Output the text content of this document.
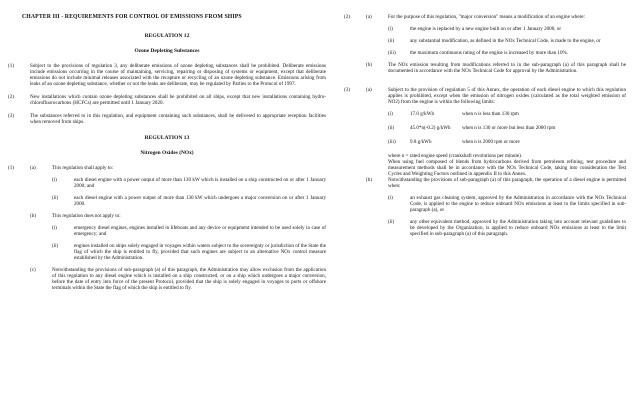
CHAPTER III - REQUIREMENTS FOR CONTROL OF EMISSIONS FROM SHIPS
REGULATION 12
Ozone Depleting Substances
(1)	Subject to the provisions of regulation 3, any deliberate emissions of ozone depleting substances shall be prohibited. Deliberate emissions include emissions occurring in the course of maintaining, servicing, repairing or disposing of systems or equipment, except that deliberate emissions do not include minimal releases associated with the recapture or recycling of an ozone depleting substance. Emissions arising from leaks of an ozone depleting substance, whether or not the leaks are deliberate, may be regulated by Parties to the Protocol of 1997.
(2)	New installations which contain ozone depleting substances shall be prohibited on all ships, except that new installations containing hydro-chlorofluorocarbons (HCFCs) are permitted until 1 January 2020.
(3)	The substances referred to in this regulation, and equipment containing such substances, shall be delivered to appropriate reception facilities when removed from ships.
REGULATION 13
Nitrogen Oxides (NOx)
(1)	(a)	This regulation shall apply to:

(i)	each diesel engine with a power output of more than 130 kW which is installed on a ship constructed on or after 1 January 2000; and
(ii)	each diesel engine with a power output of more than 130 kW which undergoes a major conversion on or after 1 January 2000.
(b)	This regulation does not apply to:
(i)	emergency diesel engines, engines installed in lifeboats and any device or equipment intended to be used solely in case of emergency; and
(ii)	engines installed on ships solely engaged in voyages within waters subject to the sovereignty or jurisdiction of the State the flag of which the ship is entitled to fly, provided that such engines are subject to an alternative NOx control measure established by the Administration.
(c)	Notwithstanding the provisions of sub-paragraph (a) of this paragraph, the Administration may allow exclusion from the application of this regulation to any diesel engine which is installed on a ship constructed, or on a ship which undergoes a major conversion, before the date of entry into force of the present Protocol, provided that the ship is solely engaged in voyages to ports or offshore terminals within the State the flag of which the ship is entitled to fly.
(2)	(a)	For the purpose of this regulation, "major conversion" means a modification of an engine where:
(i)	the engine is replaced by a new engine built on or after 1 January 2000, or
(ii)	any substantial modification, as defined in the NOx Technical Code, is made to the engine, or
(iii)	the maximum continuous rating of the engine is increased by more than 10%.
(b)	The NOx emission resulting from modifications referred to in the sub-paragraph (a) of this paragraph shall be documented in accordance with the NOx Technical Code for approval by the Administration.
(3)	(a)	Subject to the provision of regulation 5 of this Annex, the operation of each diesel engine to which this regulation applies is prohibited, except when the emission of nitrogen oxides (calculated as the total weighted emission of NO2) from the engine is within the following limits:
(i)	17.0 g/kWh	when n is less than 130 rpm
(ii)	45.0*n(-0.2) g/kWh	when n is 130 or more but less than 2000 rpm
(iii)	9.8 g/kWh	when n is 2000 rpm or more

where n = rated engine speed (crankshaft revolutions per minute).

When using fuel composed of blends from hydrocarbons derived from petroleum refining, test procedure and measurement methods shall be in accordance with the NOx Technical Code, taking into consideration the Test Cycles and Weighting Factors outlined in appendix II to this Annex.

(b)	Notwithstanding the provisions of sub-paragraph (a) of this paragraph, the operation of a diesel engine is permitted when:
(i)	an exhaust gas cleaning system, approved by the Administration in accordance with the NOx Technical Code, is applied to the engine to reduce onboard NOx emissions at least to the limits specified in sub-paragraph (a), or
(ii)	any other equivalent method, approved by the Administration taking into account relevant guidelines to be developed by the Organization, is applied to reduce onboard NOx emissions at least to the limit specified in sub-paragraph (a) of this paragraph.
